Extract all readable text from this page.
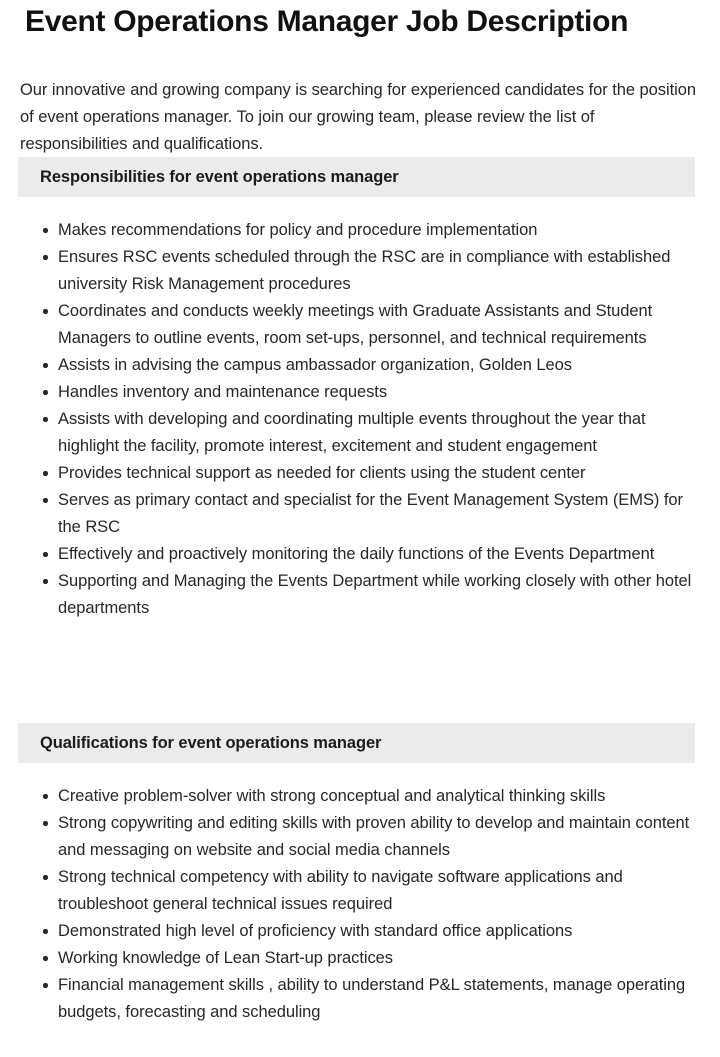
Event Operations Manager Job Description

Our innovative and growing company is searching for experienced candidates for the position of event operations manager. To join our growing team, please review the list of responsibilities and qualifications.

Responsibilities for event operations manager
Makes recommendations for policy and procedure implementation
Ensures RSC events scheduled through the RSC are in compliance with established university Risk Management procedures
Coordinates and conducts weekly meetings with Graduate Assistants and Student Managers to outline events, room set-ups, personnel, and technical requirements
Assists in advising the campus ambassador organization, Golden Leos
Handles inventory and maintenance requests
Assists with developing and coordinating multiple events throughout the year that highlight the facility, promote interest, excitement and student engagement
Provides technical support as needed for clients using the student center
Serves as primary contact and specialist for the Event Management System (EMS) for the RSC
Effectively and proactively monitoring the daily functions of the Events Department
Supporting and Managing the Events Department while working closely with other hotel departments
Qualifications for event operations manager
Creative problem-solver with strong conceptual and analytical thinking skills
Strong copywriting and editing skills with proven ability to develop and maintain content and messaging on website and social media channels
Strong technical competency with ability to navigate software applications and troubleshoot general technical issues required
Demonstrated high level of proficiency with standard office applications
Working knowledge of Lean Start-up practices
Financial management skills , ability to understand P&L statements, manage operating budgets, forecasting and scheduling
